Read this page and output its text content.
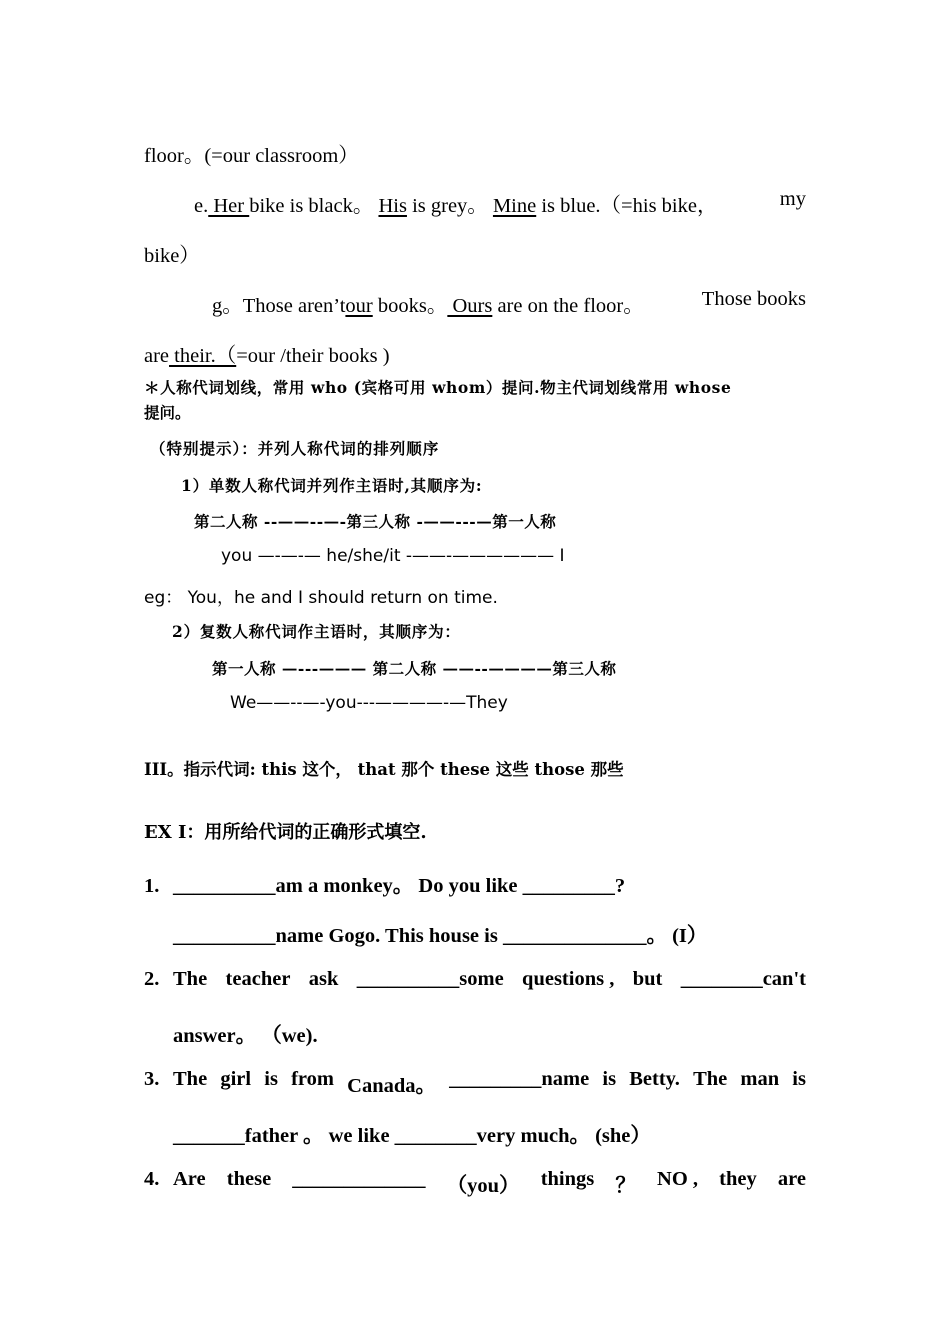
floor。(=our classroom）
e. Her bike is black。 His is grey。 Mine is blue.（=his bike，	my
bike）
g。Those aren’tour books。 Ours are on the floor。	Those books
are their.（=our /their books )
＊人称代词划线，常用 who (宾格可用 whom）提问.物主代词划线常用 whose
提问。
（特别提示）：并列人称代词的排列顺序
1）单数人称代词并列作主语时,其顺序为:
第二人称 --——--—-第三人称 -——---—第一人称
you —-—-— he/she/it -——-—————— I
eg： You，he and I should return on time.
2）复数人称代词作主语时，其顺序为：
第一人称 —---——— 第二人称 ——--————第三人称
We——--—-you---————-—They
III。指示代词: this 这个， that 那个 these 这些 those 那些
EX I：用所给代词的正确形式填空.
1. __________am a monkey。 Do you like _________?
__________name Gogo. This house is ______________。 (I）
2. The teacher ask __________some questions , but ________can't
answer。 （we).
3. The girl is from Canada。 _________name is Betty. The man is
_______father 。 we like ________very much。 (she）
4. Are these _____________ （you） things ？ NO , they are
